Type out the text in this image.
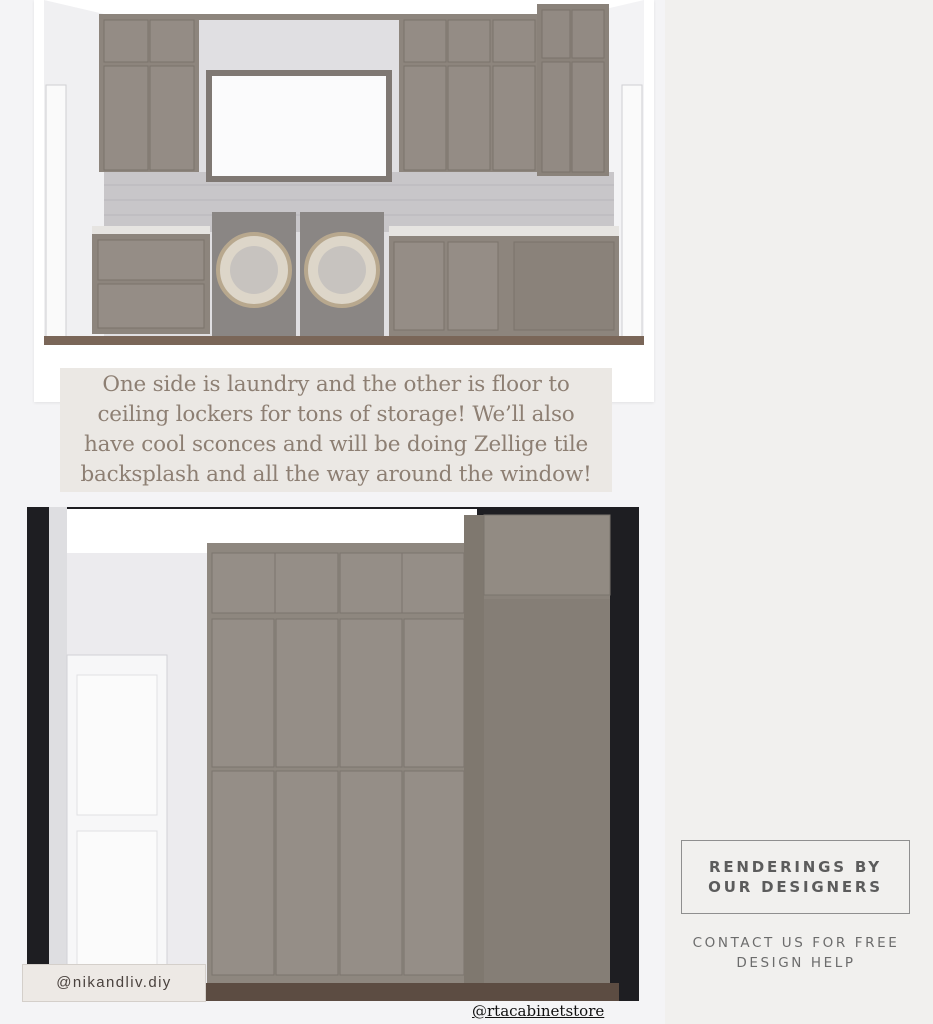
One side is laundry and the other is floor to ceiling lockers for tons of storage! We’ll also have cool sconces and will be doing Zellige tile backsplash and all the way around the window!
@nikandliv.diy
@rtacabinetstore
RENDERINGS BY
OUR DESIGNERS
CONTACT US FOR FREE
DESIGN HELP
